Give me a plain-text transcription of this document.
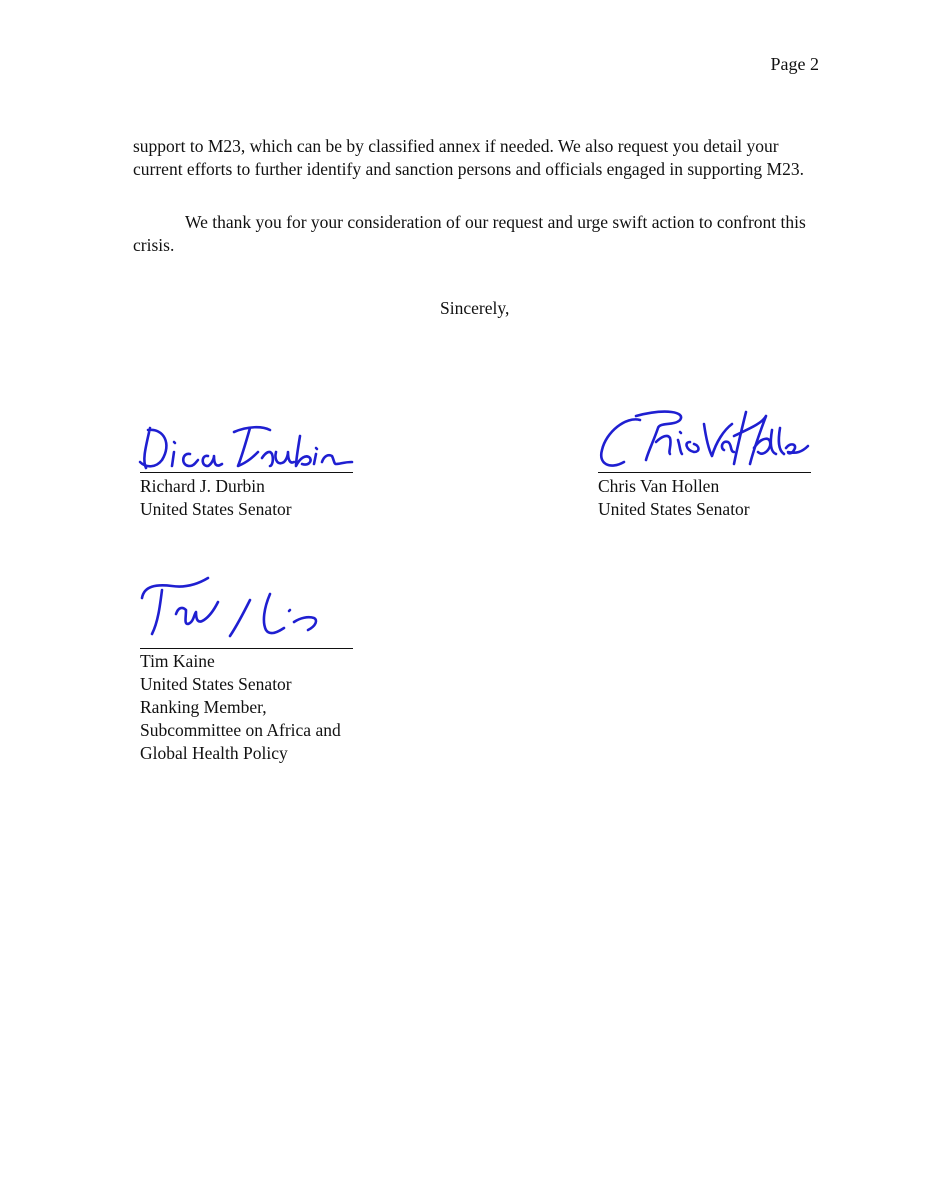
Page 2

support to M23, which can be by classified annex if needed. We also request you detail your current efforts to further identify and sanction persons and officials engaged in supporting M23.

We thank you for your consideration of our request and urge swift action to confront this crisis.

Sincerely,
Richard J. Durbin
United States Senator
Chris Van Hollen
United States Senator
Tim Kaine
United States Senator
Ranking Member,
Subcommittee on Africa and
Global Health Policy
